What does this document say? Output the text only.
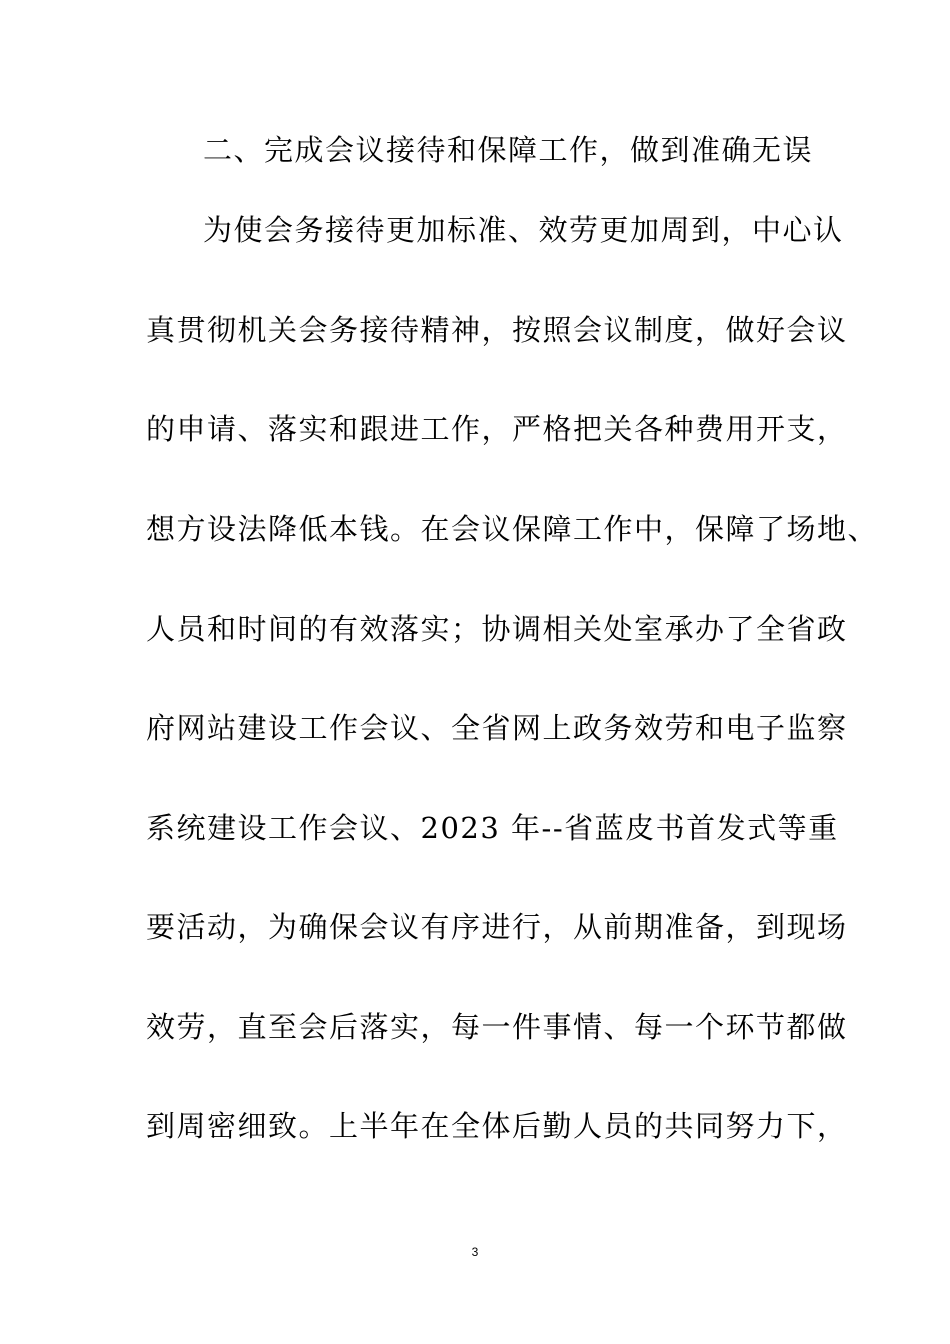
二、完成会议接待和保障工作，做到准确无误
为使会务接待更加标准、效劳更加周到，中心认
真贯彻机关会务接待精神，按照会议制度，做好会议
的申请、落实和跟进工作，严格把关各种费用开支，
想方设法降低本钱。在会议保障工作中，保障了场地、
人员和时间的有效落实；协调相关处室承办了全省政
府网站建设工作会议、全省网上政务效劳和电子监察
系统建设工作会议、2023 年--省蓝皮书首发式等重
要活动，为确保会议有序进行，从前期准备，到现场
效劳，直至会后落实，每一件事情、每一个环节都做
到周密细致。上半年在全体后勤人员的共同努力下，
3
